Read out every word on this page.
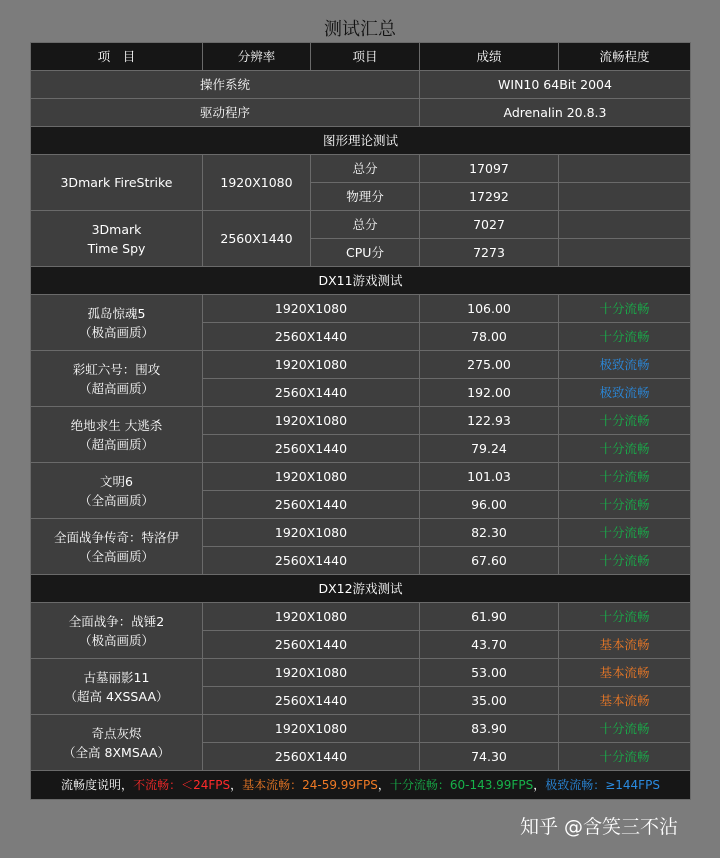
测试汇总
项　目	分辨率	项目	成绩	流畅程度
操作系统			WIN10 64Bit 2004	
驱动程序			Adrenalin 20.8.3	
图形理论测试				
3Dmark FireStrike	1920X1080	总分	17097	
		物理分	17292	
3Dmark
Time Spy	2560X1440	总分	7027	
		CPU分	7273	
DX11游戏测试				
孤岛惊魂5
（极高画质）	1920X1080		106.00	十分流畅
	2560X1440		78.00	十分流畅
彩虹六号：围攻
（超高画质）	1920X1080		275.00	极致流畅
	2560X1440		192.00	极致流畅
绝地求生 大逃杀
（超高画质）	1920X1080		122.93	十分流畅
	2560X1440		79.24	十分流畅
文明6
（全高画质）	1920X1080		101.03	十分流畅
	2560X1440		96.00	十分流畅
全面战争传奇：特洛伊
（全高画质）	1920X1080		82.30	十分流畅
	2560X1440		67.60	十分流畅
DX12游戏测试				
全面战争：战锤2
（极高画质）	1920X1080		61.90	十分流畅
	2560X1440		43.70	基本流畅
古墓丽影11
（超高 4XSSAA）	1920X1080		53.00	基本流畅
	2560X1440		35.00	基本流畅
奇点灰烬
（全高 8XMSAA）	1920X1080		83.90	十分流畅
	2560X1440		74.30	十分流畅
流畅度说明，不流畅：＜24FPS，基本流畅：24-59.99FPS，十分流畅：60-143.99FPS，极致流畅：≥144FPS				
知乎 @含笑三不沾
